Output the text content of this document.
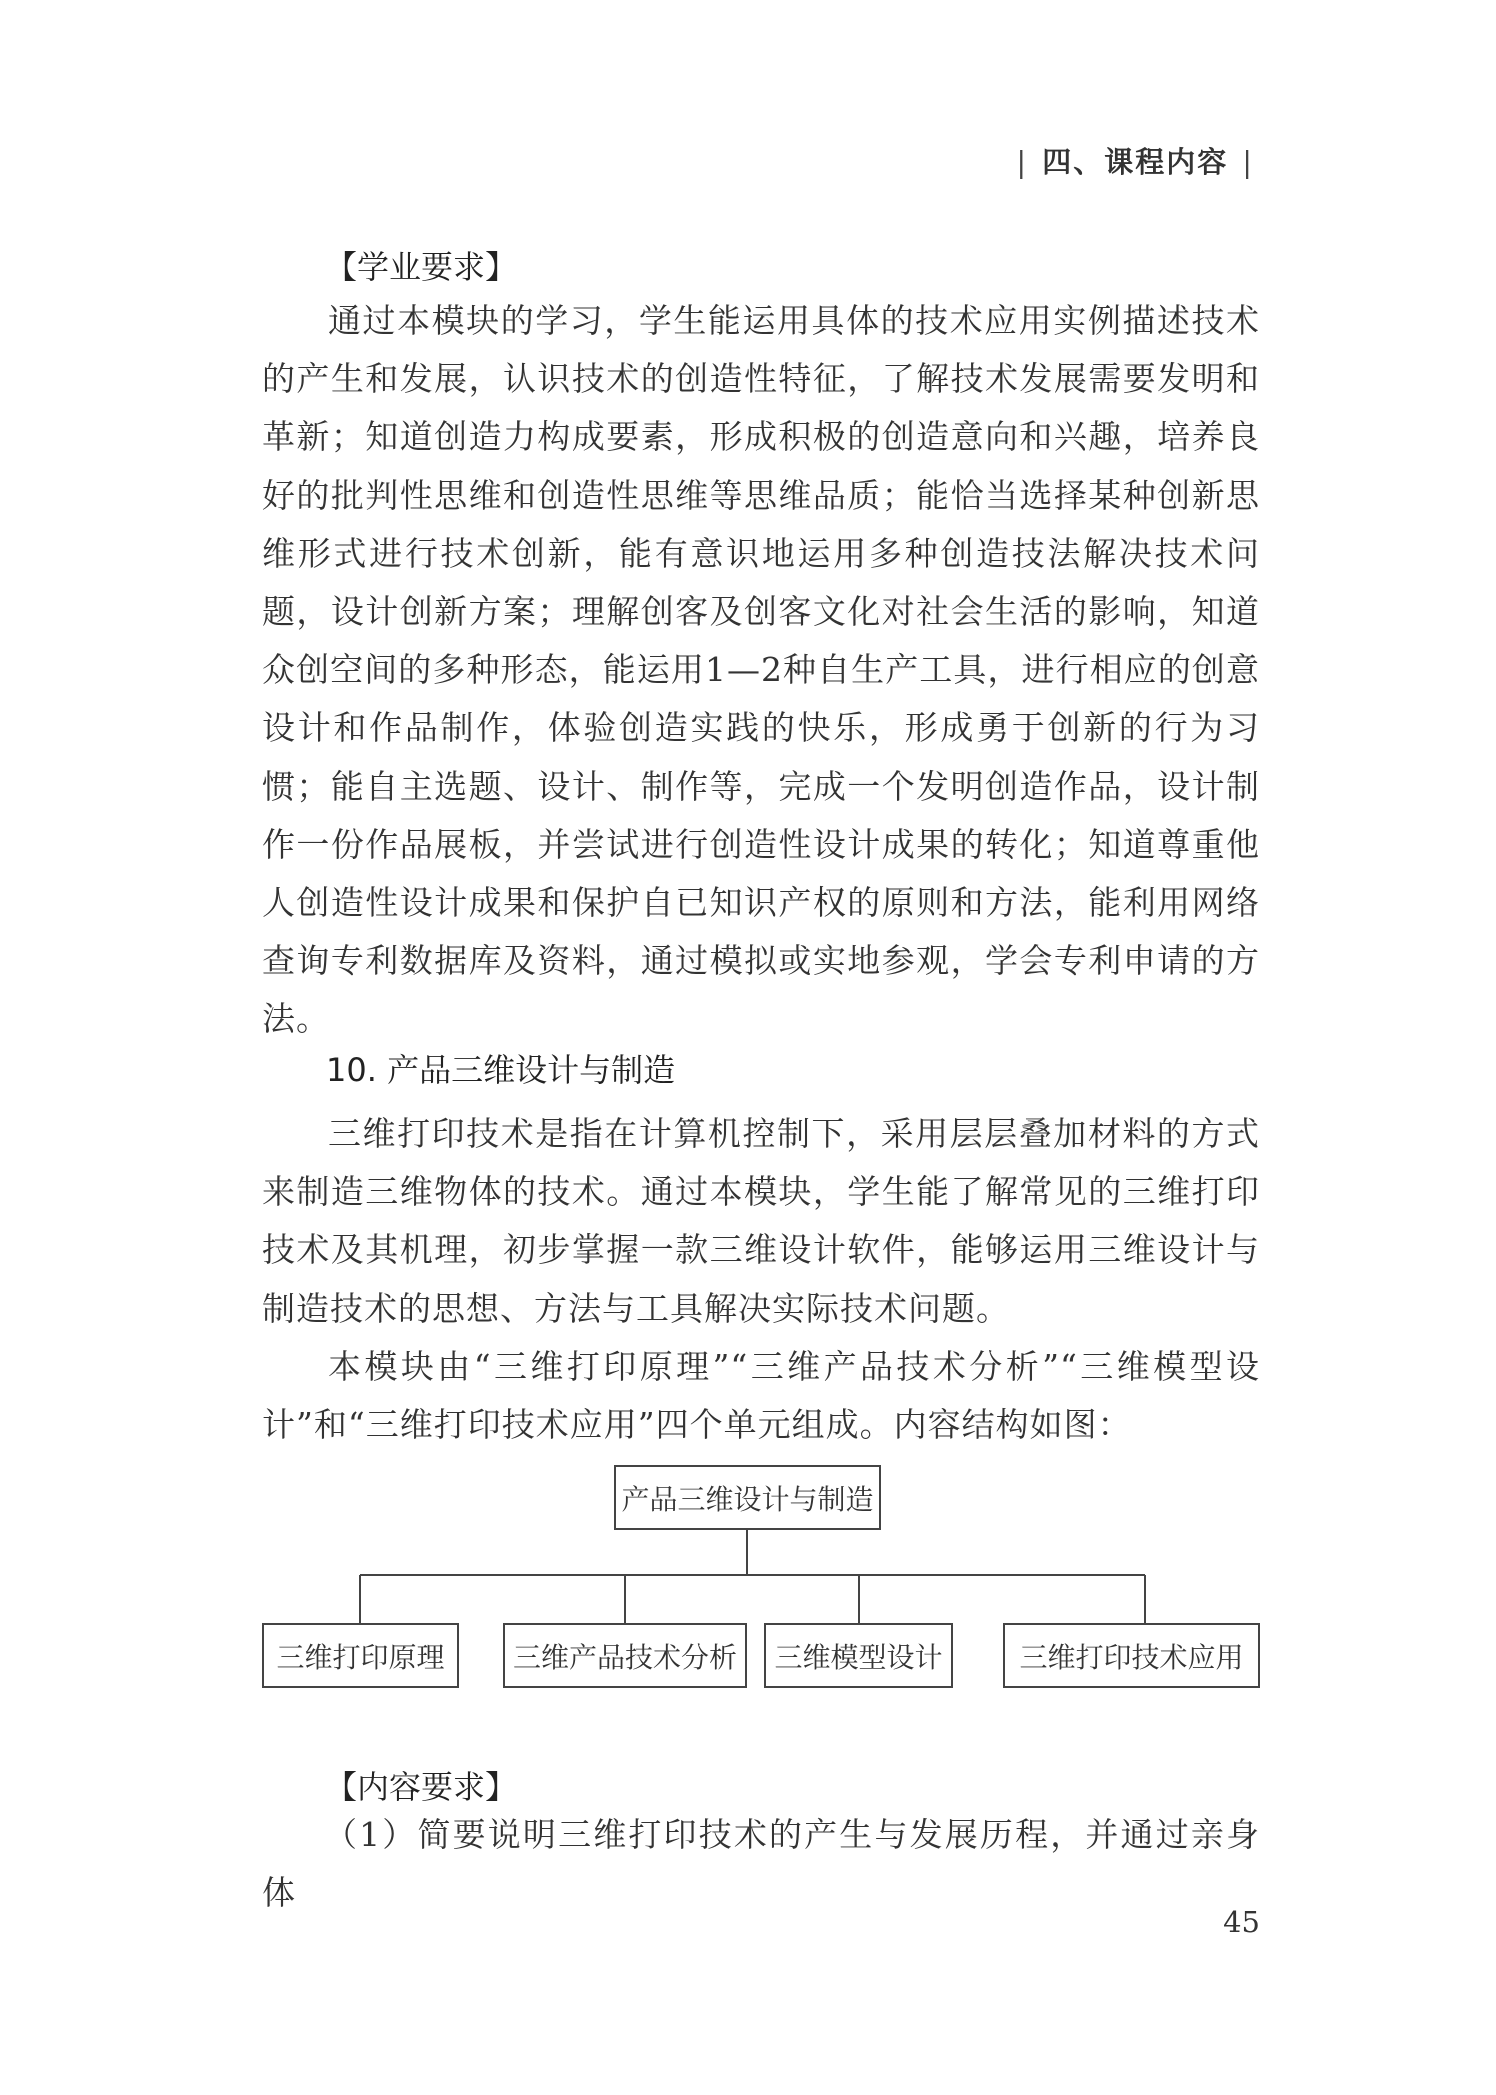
| 四、课程内容 |
【学业要求】

通过本模块的学习，学生能运用具体的技术应用实例描述技术的产生和发展，认识技术的创造性特征，了解技术发展需要发明和革新；知道创造力构成要素，形成积极的创造意向和兴趣，培养良好的批判性思维和创造性思维等思维品质；能恰当选择某种创新思维形式进行技术创新，能有意识地运用多种创造技法解决技术问题，设计创新方案；理解创客及创客文化对社会生活的影响，知道众创空间的多种形态，能运用1—2种自生产工具，进行相应的创意设计和作品制作，体验创造实践的快乐，形成勇于创新的行为习惯；能自主选题、设计、制作等，完成一个发明创造作品，设计制作一份作品展板，并尝试进行创造性设计成果的转化；知道尊重他人创造性设计成果和保护自已知识产权的原则和方法，能利用网络查询专利数据库及资料，通过模拟或实地参观，学会专利申请的方法。

10. 产品三维设计与制造

三维打印技术是指在计算机控制下，采用层层叠加材料的方式来制造三维物体的技术。通过本模块，学生能了解常见的三维打印技术及其机理，初步掌握一款三维设计软件，能够运用三维设计与制造技术的思想、方法与工具解决实际技术问题。

本模块由“三维打印原理”“三维产品技术分析”“三维模型设计”和“三维打印技术应用”四个单元组成。内容结构如图：

产品三维设计与制造
三维打印原理	三维产品技术分析	三维模型设计	三维打印技术应用
【内容要求】

（1）简要说明三维打印技术的产生与发展历程，并通过亲身体

45
